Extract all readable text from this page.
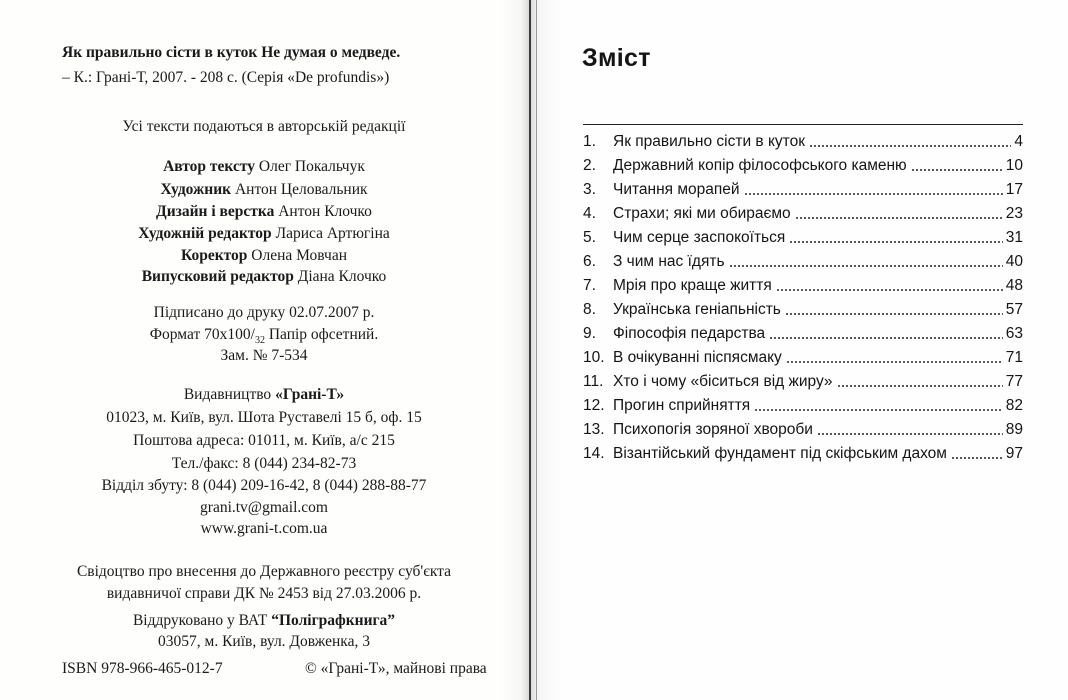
Як правильно сісти в куток Не думая о медведе.
– К.: Грані-Т, 2007. - 208 с. (Серія «De profundis»)
Усі тексти подаються в авторській редакції
Автор тексту Олег Покальчук
Художник Антон Целовальник
Дизайн і верстка Антон Клочко
Художній редактор Лариса Артюгіна
Коректор Олена Мовчан
Випусковий редактор Діана Клочко
Підписано до друку 02.07.2007 р.
Формат $70х100/_{32}$ Папір офсетний.
Зам. № 7-534
Видавництво «Грані-Т»
01023, м. Київ, вул. Шота Руставелі 15 б, оф. 15
Поштова адреса: 01011, м. Київ, а/с 215
Тел./факс: 8 (044) 234-82-73
Відділ збуту: 8 (044) 209-16-42, 8 (044) 288-88-77
grani.tv@gmail.com
www.grani-t.com.ua
Свідоцтво про внесення до Державного реєстру суб'єкта
видавничої справи ДК № 2453 від 27.03.2006 р.
Віддруковано у ВАТ “Поліграфкнига”
03057, м. Київ, вул. Довженка, 3
ISBN 978-966-465-012-7	© «Грані-Т», майнові права
Зміст
1. Як правильно сісти в куток	4
2. Державний копір філософського каменю	10
3. Читання морапей	17
4. Страхи; які ми обираємо	23
5. Чим серце заспокоїться	31
6. З чим нас їдять	40
7. Мрія про краще життя	48
8. Українська геніапьність	57
9. Фіпософія педарства	63
10. В очікуванні піспясмаку	71
11. Хто і чому «біситься від жиру»	77
12. Прогин сприйняття	82
13. Психопогія зоряної хвороби	89
14. Візантійський фундамент під скіфським дахом	97
